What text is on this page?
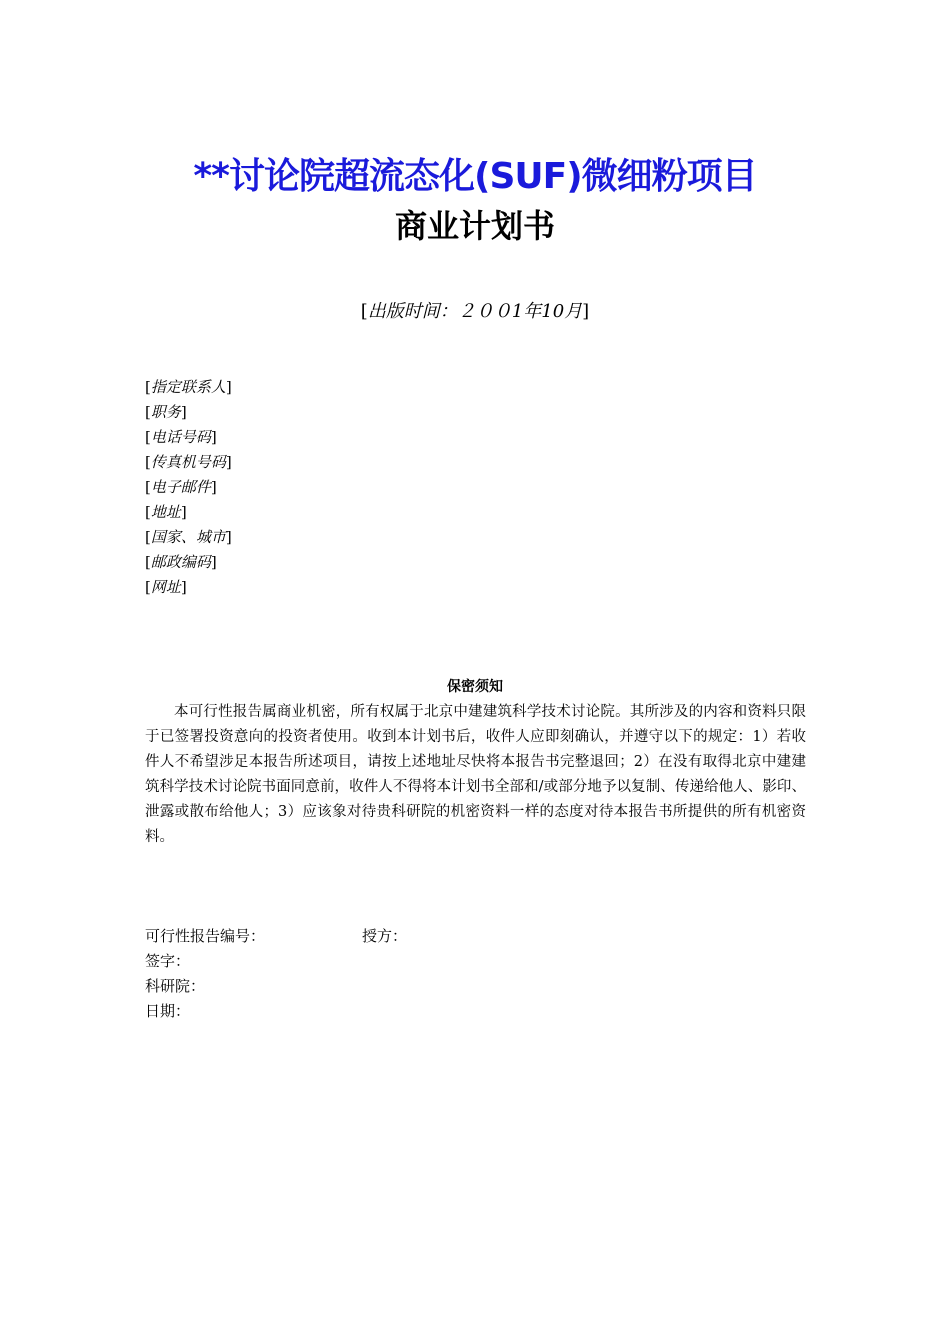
**讨论院超流态化(SUF)微细粉项目
商业计划书
[出版时间：２００1年10月]
[指定联系人]
[职务]
[电话号码]
[传真机号码]
[电子邮件]
[地址]
[国家、城市]
[邮政编码]
[网址]
保密须知

本可行性报告属商业机密，所有权属于北京中建建筑科学技术讨论院。其所涉及的内容和资料只限于已签署投资意向的投资者使用。收到本计划书后，收件人应即刻确认，并遵守以下的规定：1）若收件人不希望涉足本报告所述项目，请按上述地址尽快将本报告书完整退回；2）在没有取得北京中建建筑科学技术讨论院书面同意前，收件人不得将本计划书全部和/或部分地予以复制、传递给他人、影印、泄露或散布给他人；3）应该象对待贵科研院的机密资料一样的态度对待本报告书所提供的所有机密资料。

可行性报告编号：	授方：
签字：
科研院：
日期：
